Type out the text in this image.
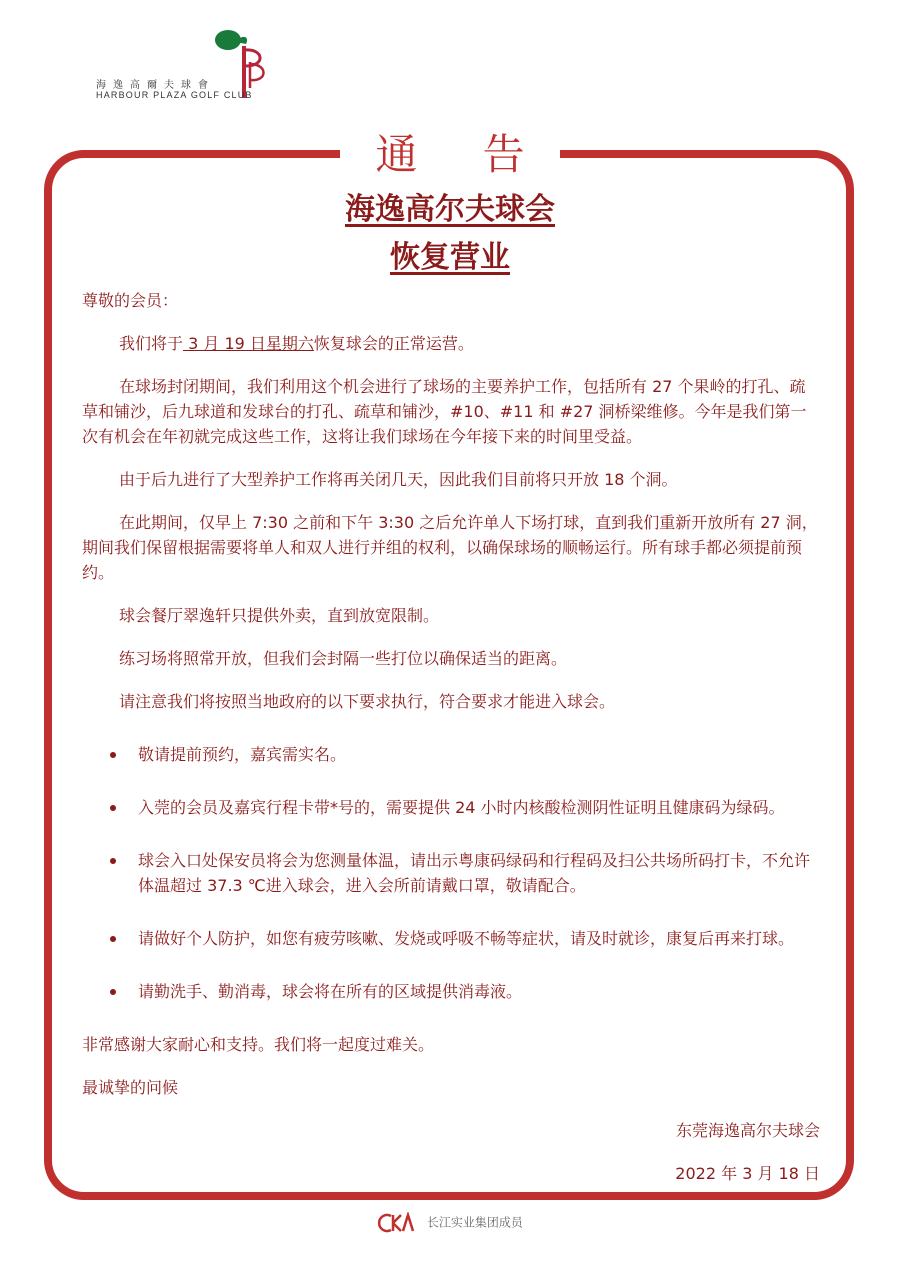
海逸高爾夫球會
HARBOUR PLAZA GOLF CLUB
通 告
海逸高尔夫球会
恢复营业

尊敬的会员：

我们将于 3 月 19 日星期六恢复球会的正常运营。

在球场封闭期间，我们利用这个机会进行了球场的主要养护工作，包括所有 27 个果岭的打孔、疏草和铺沙，后九球道和发球台的打孔、疏草和铺沙，#10、#11 和 #27 洞桥梁维修。今年是我们第一次有机会在年初就完成这些工作，这将让我们球场在今年接下来的时间里受益。

由于后九进行了大型养护工作将再关闭几天，因此我们目前将只开放 18 个洞。

在此期间，仅早上 7:30 之前和下午 3:30 之后允许单人下场打球，直到我们重新开放所有 27 洞，期间我们保留根据需要将单人和双人进行并组的权利，以确保球场的顺畅运行。所有球手都必须提前预约。

球会餐厅翠逸轩只提供外卖，直到放宽限制。

练习场将照常开放，但我们会封隔一些打位以确保适当的距离。

请注意我们将按照当地政府的以下要求执行，符合要求才能进入球会。

敬请提前预约，嘉宾需实名。
入莞的会员及嘉宾行程卡带*号的，需要提供 24 小时内核酸检测阴性证明且健康码为绿码。
球会入口处保安员将会为您测量体温，请出示粤康码绿码和行程码及扫公共场所码打卡，不允许体温超过 37.3 ℃进入球会，进入会所前请戴口罩，敬请配合。
请做好个人防护，如您有疲劳咳嗽、发烧或呼吸不畅等症状，请及时就诊，康复后再来打球。
请勤洗手、勤消毒，球会将在所有的区域提供消毒液。

非常感谢大家耐心和支持。我们将一起度过难关。

最诚挚的问候

东莞海逸高尔夫球会

2022 年 3 月 18 日

长江实业集团成员
